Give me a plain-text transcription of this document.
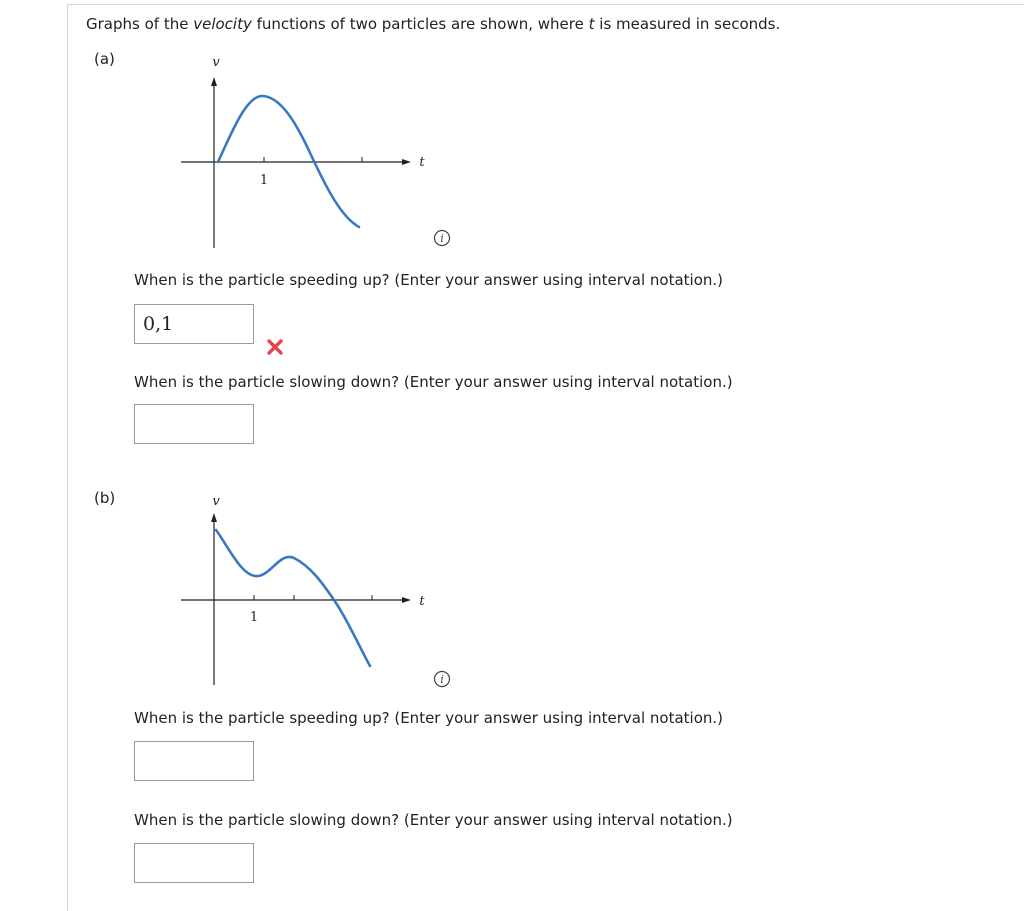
Graphs of the velocity functions of two particles are shown, where t is measured in seconds.
(a)	v
1
t
i
When is the particle speeding up? (Enter your answer using interval notation.)
0,1
When is the particle slowing down? (Enter your answer using interval notation.)
(b)	v
1
t
i
When is the particle speeding up? (Enter your answer using interval notation.)
When is the particle slowing down? (Enter your answer using interval notation.)
